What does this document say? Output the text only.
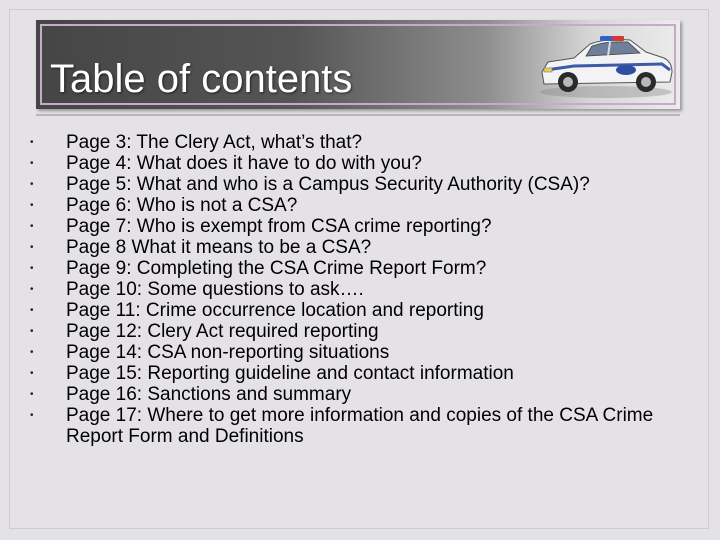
Table of contents
• Page 3: The Clery Act, what’s that?
• Page 4: What does it have to do with you?
• Page 5: What and who is a Campus Security Authority (CSA)?
• Page 6: Who is not a CSA?
• Page 7: Who is exempt from CSA crime reporting?
• Page 8 What it means to be a CSA?
• Page 9: Completing the CSA Crime Report Form?
• Page 10: Some questions to ask….
• Page 11: Crime occurrence location and reporting
• Page 12: Clery Act required reporting
• Page 14: CSA non-reporting situations
• Page 15: Reporting guideline and contact information
• Page 16: Sanctions and summary
• Page 17: Where to get more information and copies of the CSA Crime Report Form and Definitions
